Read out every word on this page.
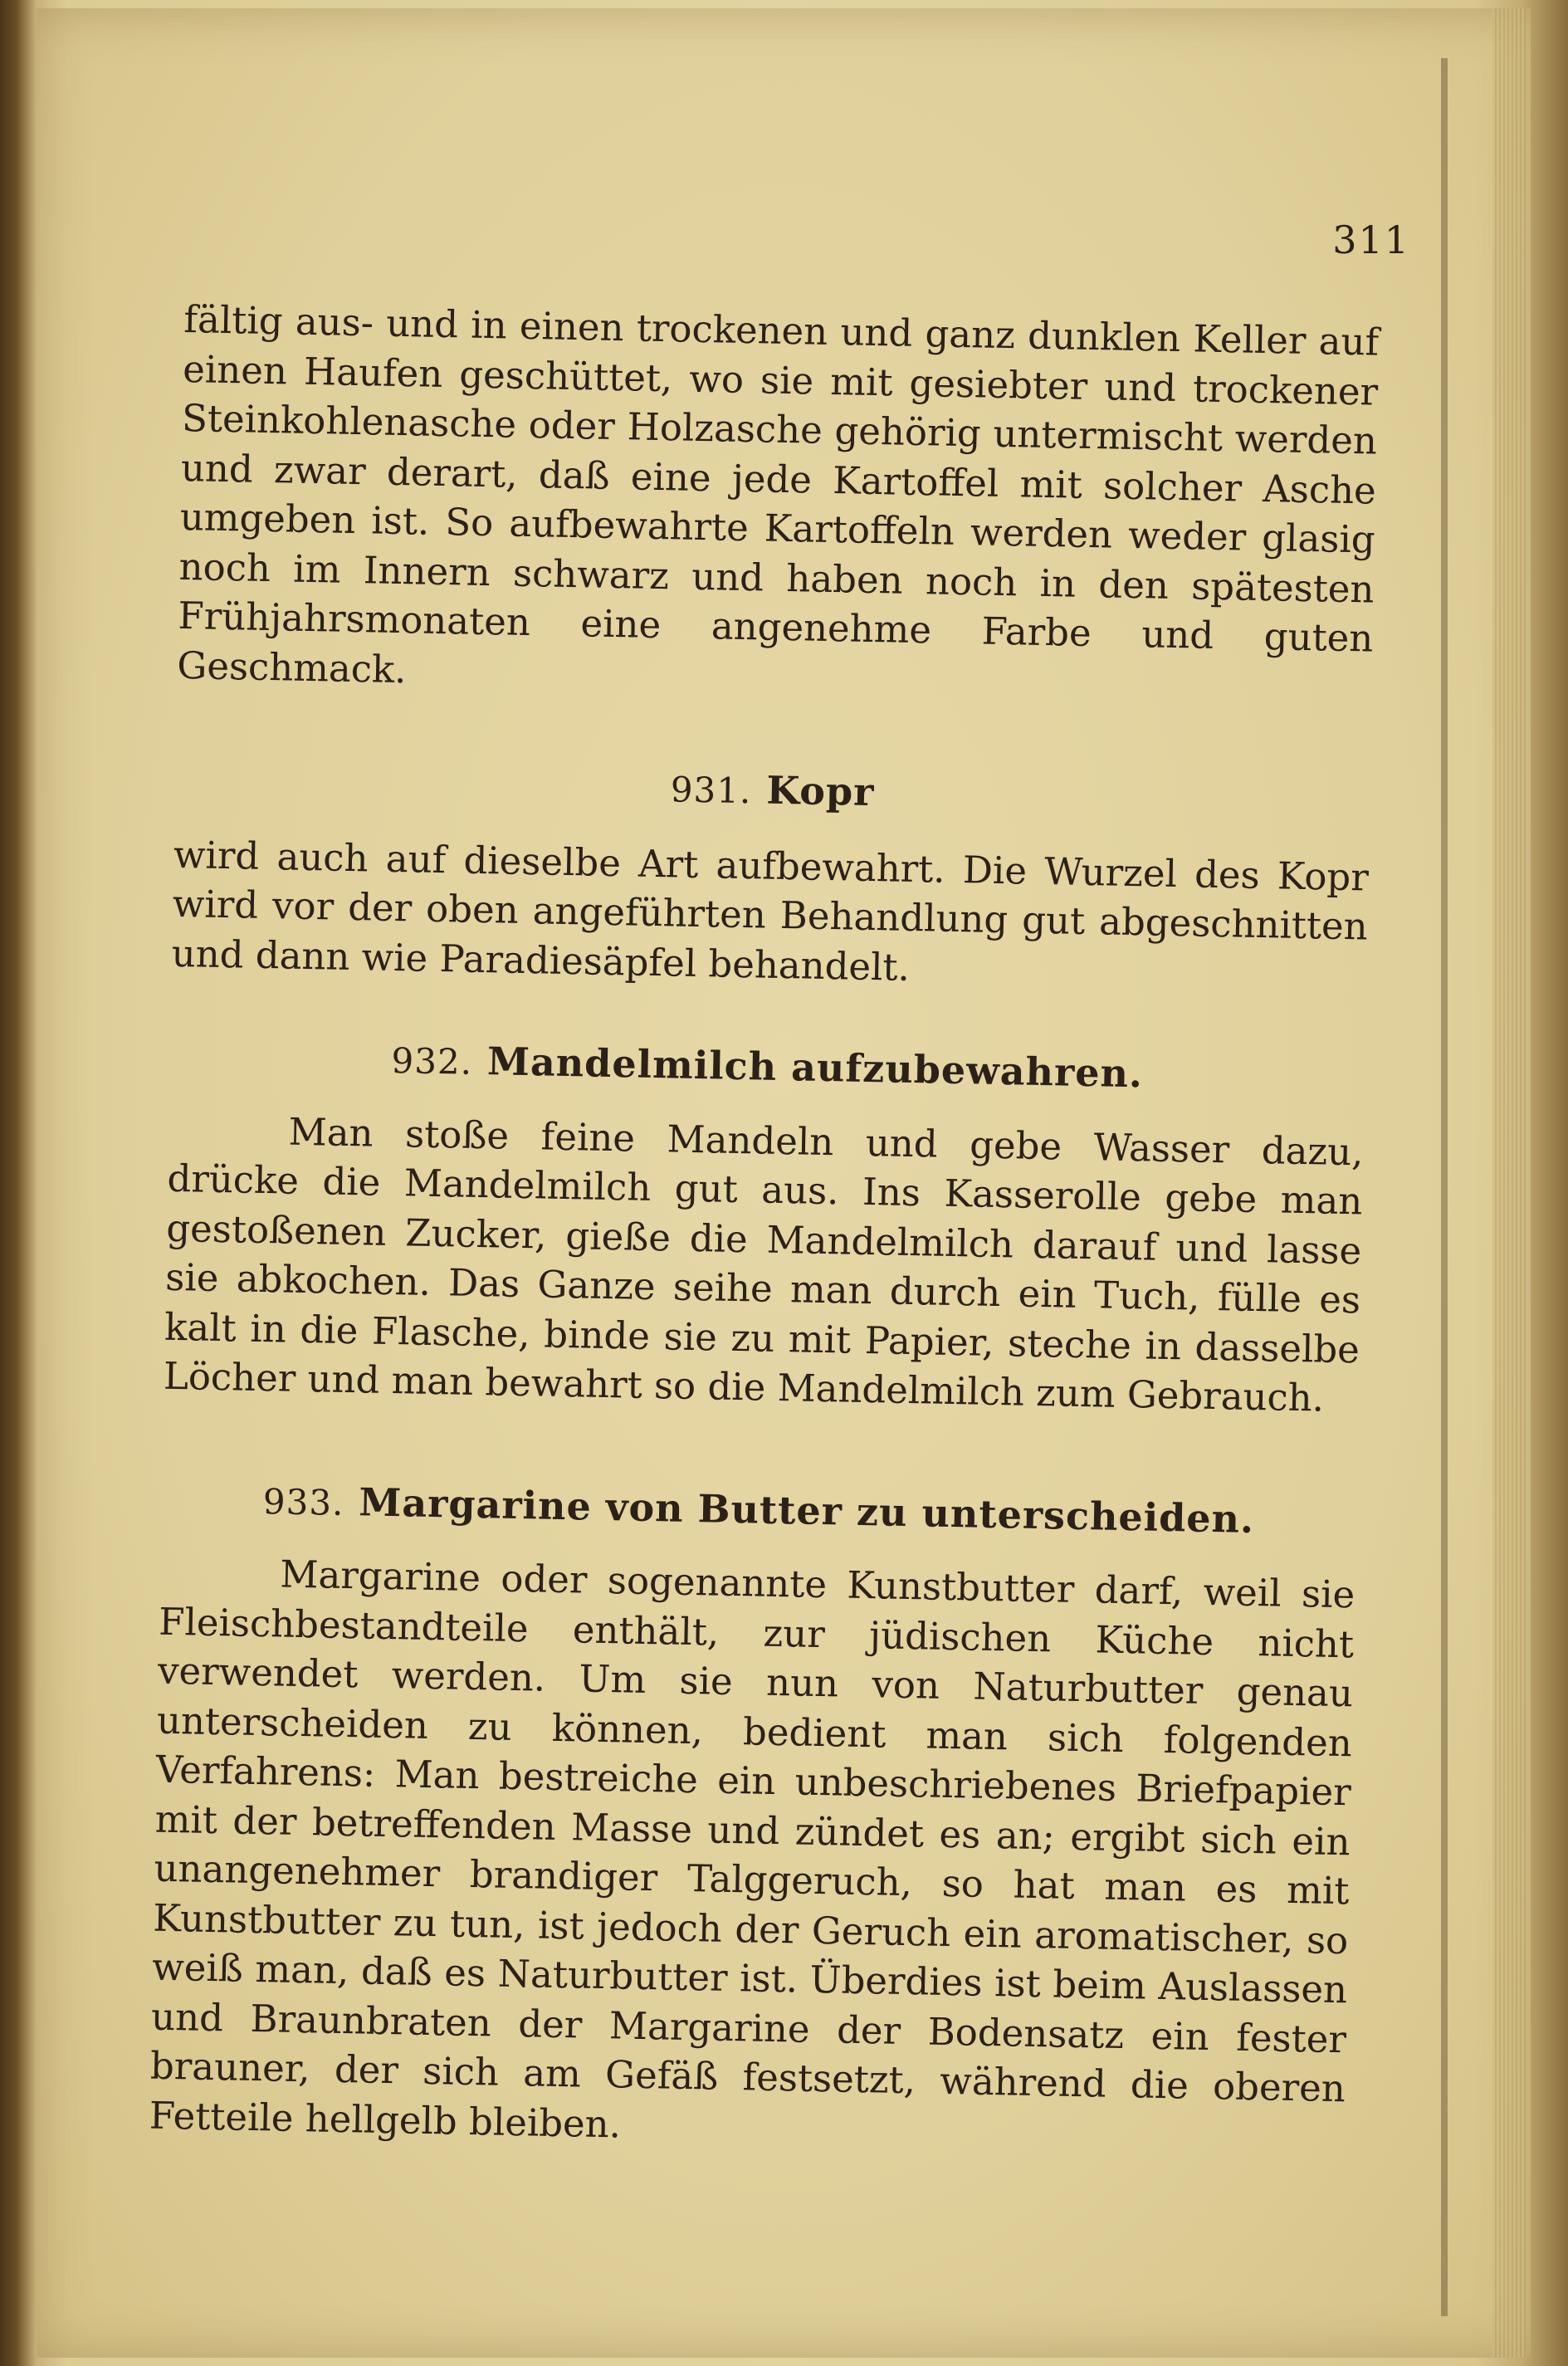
311

fältig aus- und in einen trockenen und ganz dunklen Keller auf einen Haufen geschüttet, wo sie mit gesiebter und trockener Steinkohlenasche oder Holzasche gehörig untermischt werden und zwar derart, daß eine jede Kartoffel mit solcher Asche umgeben ist. So aufbewahrte Kartoffeln werden weder glasig noch im Innern schwarz und haben noch in den spätesten Frühjahrsmonaten eine angenehme Farbe und guten Geschmack.

931. Kopr

wird auch auf dieselbe Art aufbewahrt. Die Wurzel des Kopr wird vor der oben angeführten Behandlung gut abgeschnitten und dann wie Paradiesäpfel behandelt.

932. Mandelmilch aufzubewahren.

Man stoße feine Mandeln und gebe Wasser dazu, drücke die Mandelmilch gut aus. Ins Kasserolle gebe man gestoßenen Zucker, gieße die Mandelmilch darauf und lasse sie abkochen. Das Ganze seihe man durch ein Tuch, fülle es kalt in die Flasche, binde sie zu mit Papier, steche in dasselbe Löcher und man bewahrt so die Mandelmilch zum Gebrauch.

933. Margarine von Butter zu unterscheiden.

Margarine oder sogenannte Kunstbutter darf, weil sie Fleischbestandteile enthält, zur jüdischen Küche nicht verwendet werden. Um sie nun von Naturbutter genau unterscheiden zu können, bedient man sich folgenden Verfahrens: Man bestreiche ein unbeschriebenes Briefpapier mit der betreffenden Masse und zündet es an; ergibt sich ein unangenehmer brandiger Talggeruch, so hat man es mit Kunstbutter zu tun, ist jedoch der Geruch ein aromatischer, so weiß man, daß es Naturbutter ist. Überdies ist beim Auslassen und Braunbraten der Margarine der Bodensatz ein fester brauner, der sich am Gefäß festsetzt, während die oberen Fetteile hellgelb bleiben.
